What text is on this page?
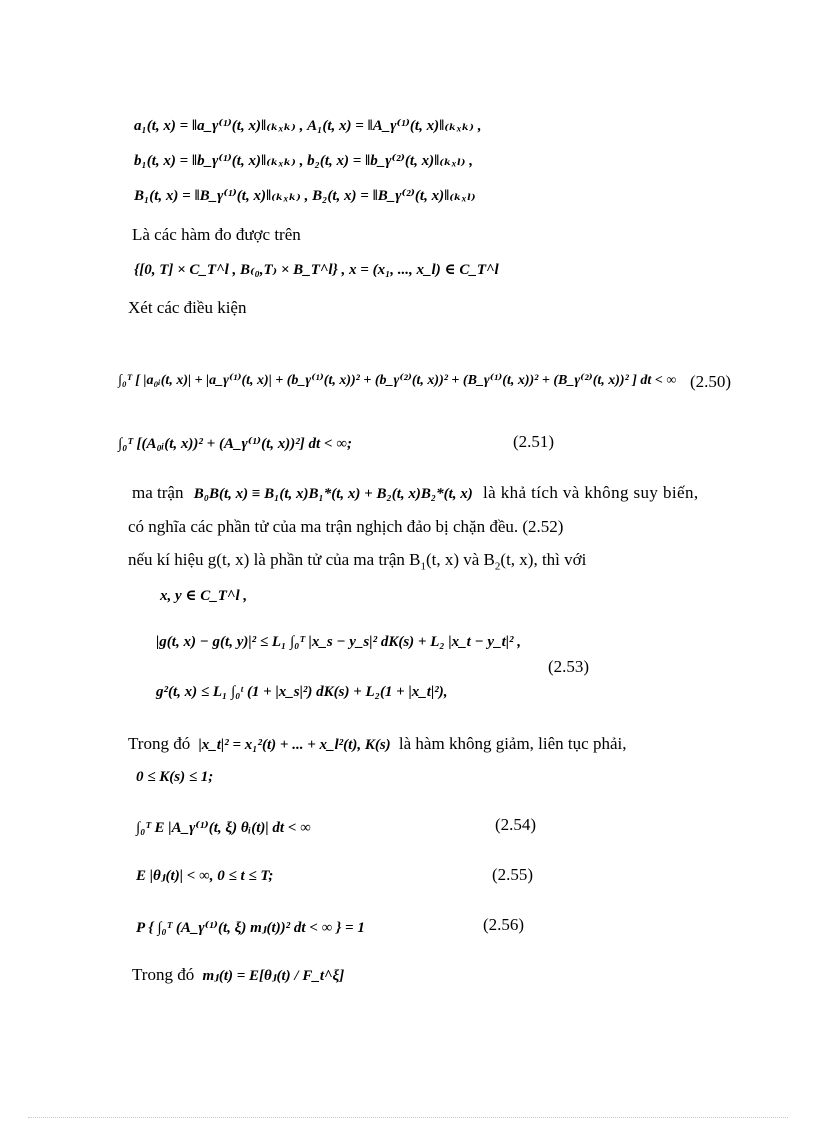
a₁(t, x) = ‖a_γ⁽¹⁾(t, x)‖₍ₖₓₖ₎ , A₁(t, x) = ‖A_γ⁽¹⁾(t, x)‖₍ₖₓₖ₎ ,
b₁(t, x) = ‖b_γ⁽¹⁾(t, x)‖₍ₖₓₖ₎ , b₂(t, x) = ‖b_γ⁽²⁾(t, x)‖₍ₖₓₗ₎ ,
B₁(t, x) = ‖B_γ⁽¹⁾(t, x)‖₍ₖₓₖ₎ , B₂(t, x) = ‖B_γ⁽²⁾(t, x)‖₍ₖₓₗ₎
Là các hàm đo được trên
{[0, T] × C_T^l , B₍₀,T₎ × B_T^l} , x = (x₁, ..., x_l) ∈ C_T^l
Xét các điều kiện
∫₀ᵀ [ |a₀ᵢ(t, x)| + |a_γ⁽¹⁾(t, x)| + (b_γ⁽¹⁾(t, x))² + (b_γ⁽²⁾(t, x))² + (B_γ⁽¹⁾(t, x))² + (B_γ⁽²⁾(t, x))² ] dt < ∞ (2.50)
∫₀ᵀ [(A₀ᵢ(t, x))² + (A_γ⁽¹⁾(t, x))²] dt < ∞;	(2.51)
ma trận B₀B(t, x) ≡ B₁(t, x)B₁*(t, x) + B₂(t, x)B₂*(t, x) là khả tích và không suy biến,
có nghĩa các phần tử của ma trận nghịch đảo bị chặn đều. (2.52)
nếu kí hiệu g(t, x) là phần tử của ma trận $B_1(t$, x) và $B_2(t$, x), thì với
x, y ∈ C_T^l ,
|g(t, x) − g(t, y)|² ≤ L₁ ∫₀ᵀ |x_s − y_s|² dK(s) + L₂ |x_t − y_t|² ,
g²(t, x) ≤ L₁ ∫₀ᵗ (1 + |x_s|²) dK(s) + L₂(1 + |x_t|²),
(2.53)
Trong đó |x_t|² = x₁²(t) + ... + x_l²(t), K(s) là hàm không giảm, liên tục phải,
0 ≤ K(s) ≤ 1;
∫₀ᵀ E |A_γ⁽¹⁾(t, ξ) θᵢ(t)| dt < ∞	(2.54)
E |θⱼ(t)| < ∞, 0 ≤ t ≤ T;	(2.55)
P { ∫₀ᵀ (A_γ⁽¹⁾(t, ξ) mⱼ(t))² dt < ∞ } = 1	(2.56)
Trong đó mⱼ(t) = E[θⱼ(t) / F_t^ξ]
